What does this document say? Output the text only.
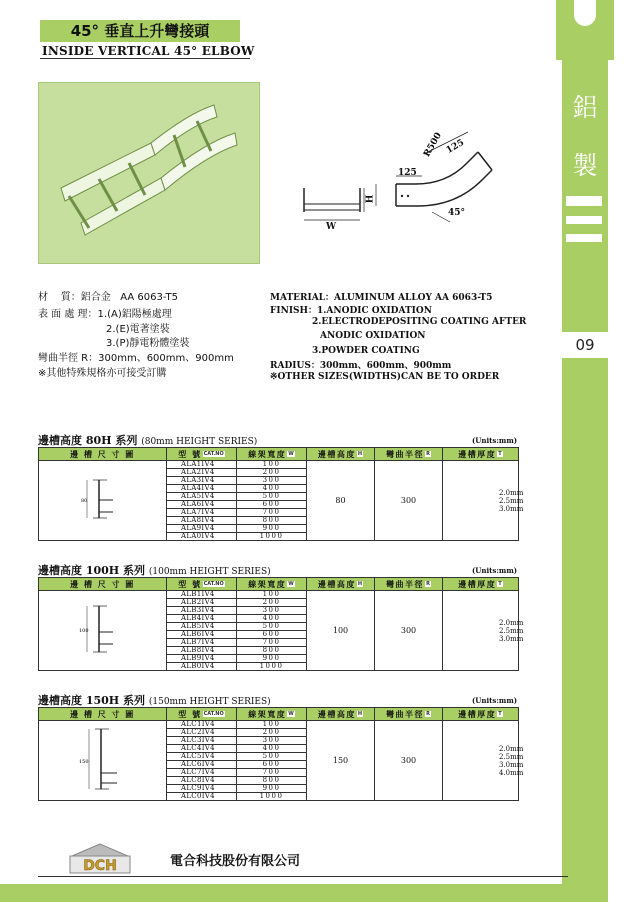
鋁
製
09
45° 垂直上升彎接頭
INSIDE VERTICAL 45° ELBOW
125
R500 125
45°
W
H
材    質：鋁合金   AA 6063-T5
表 面 處 理：1.(A)鋁陽極處理
2.(E)電著塗裝
3.(P)靜電粉體塗裝
彎曲半徑 R：300mm、600mm、900mm
※其他特殊規格亦可接受訂購
MATERIAL：ALUMINUM ALLOY AA 6063-T5
FINISH：1.ANODIC OXIDATION
2.ELECTRODEPOSITING COATING AFTER
ANODIC OXIDATION
3.POWDER COATING
RADIUS：300mm、600mm、900mm
※OTHER SIZES(WIDTHS)CAN BE TO ORDER
邊槽高度 80H 系列 (80mm HEIGHT SERIES)	(Units:mm)
邊 槽 尺 寸 圖	型 號 CAT.NO	線架寬度 W	邊槽高度 H	彎曲半徑 R	邊槽厚度 T

80	ALA1IV4	100	80	300	2.0mm
2.5mm
3.0mm

	ALA2IV4	200			
	ALA3IV4	300			
	ALA4IV4	400			
	ALA5IV4	500			
	ALA6IV4	600			
	ALA7IV4	700			
	ALA8IV4	800			
	ALA9IV4	900			
	ALA0IV4	1000			
邊槽高度 100H 系列 (100mm HEIGHT SERIES)	(Units:mm)
邊 槽 尺 寸 圖	型 號 CAT.NO	線架寬度 W	邊槽高度 H	彎曲半徑 R	邊槽厚度 T

100	ALB1IV4	100	100	300	2.0mm
2.5mm
3.0mm

	ALB2IV4	200			
	ALB3IV4	300			
	ALB4IV4	400			
	ALB5IV4	500			
	ALB6IV4	600			
	ALB7IV4	700			
	ALB8IV4	800			
	ALB9IV4	900			
	ALB0IV4	1000			
邊槽高度 150H 系列 (150mm HEIGHT SERIES)	(Units:mm)
邊 槽 尺 寸 圖	型 號 CAT.NO	線架寬度 W	邊槽高度 H	彎曲半徑 R	邊槽厚度 T

150	ALC1IV4	100	150	300	2.0mm
2.5mm
3.0mm
4.0mm

	ALC2IV4	200			
	ALC3IV4	300			
	ALC4IV4	400			
	ALC5IV4	500			
	ALC6IV4	600			
	ALC7IV4	700			
	ALC8IV4	800			
	ALC9IV4	900			
	ALC0IV4	1000			
DCH	電合科技股份有限公司
